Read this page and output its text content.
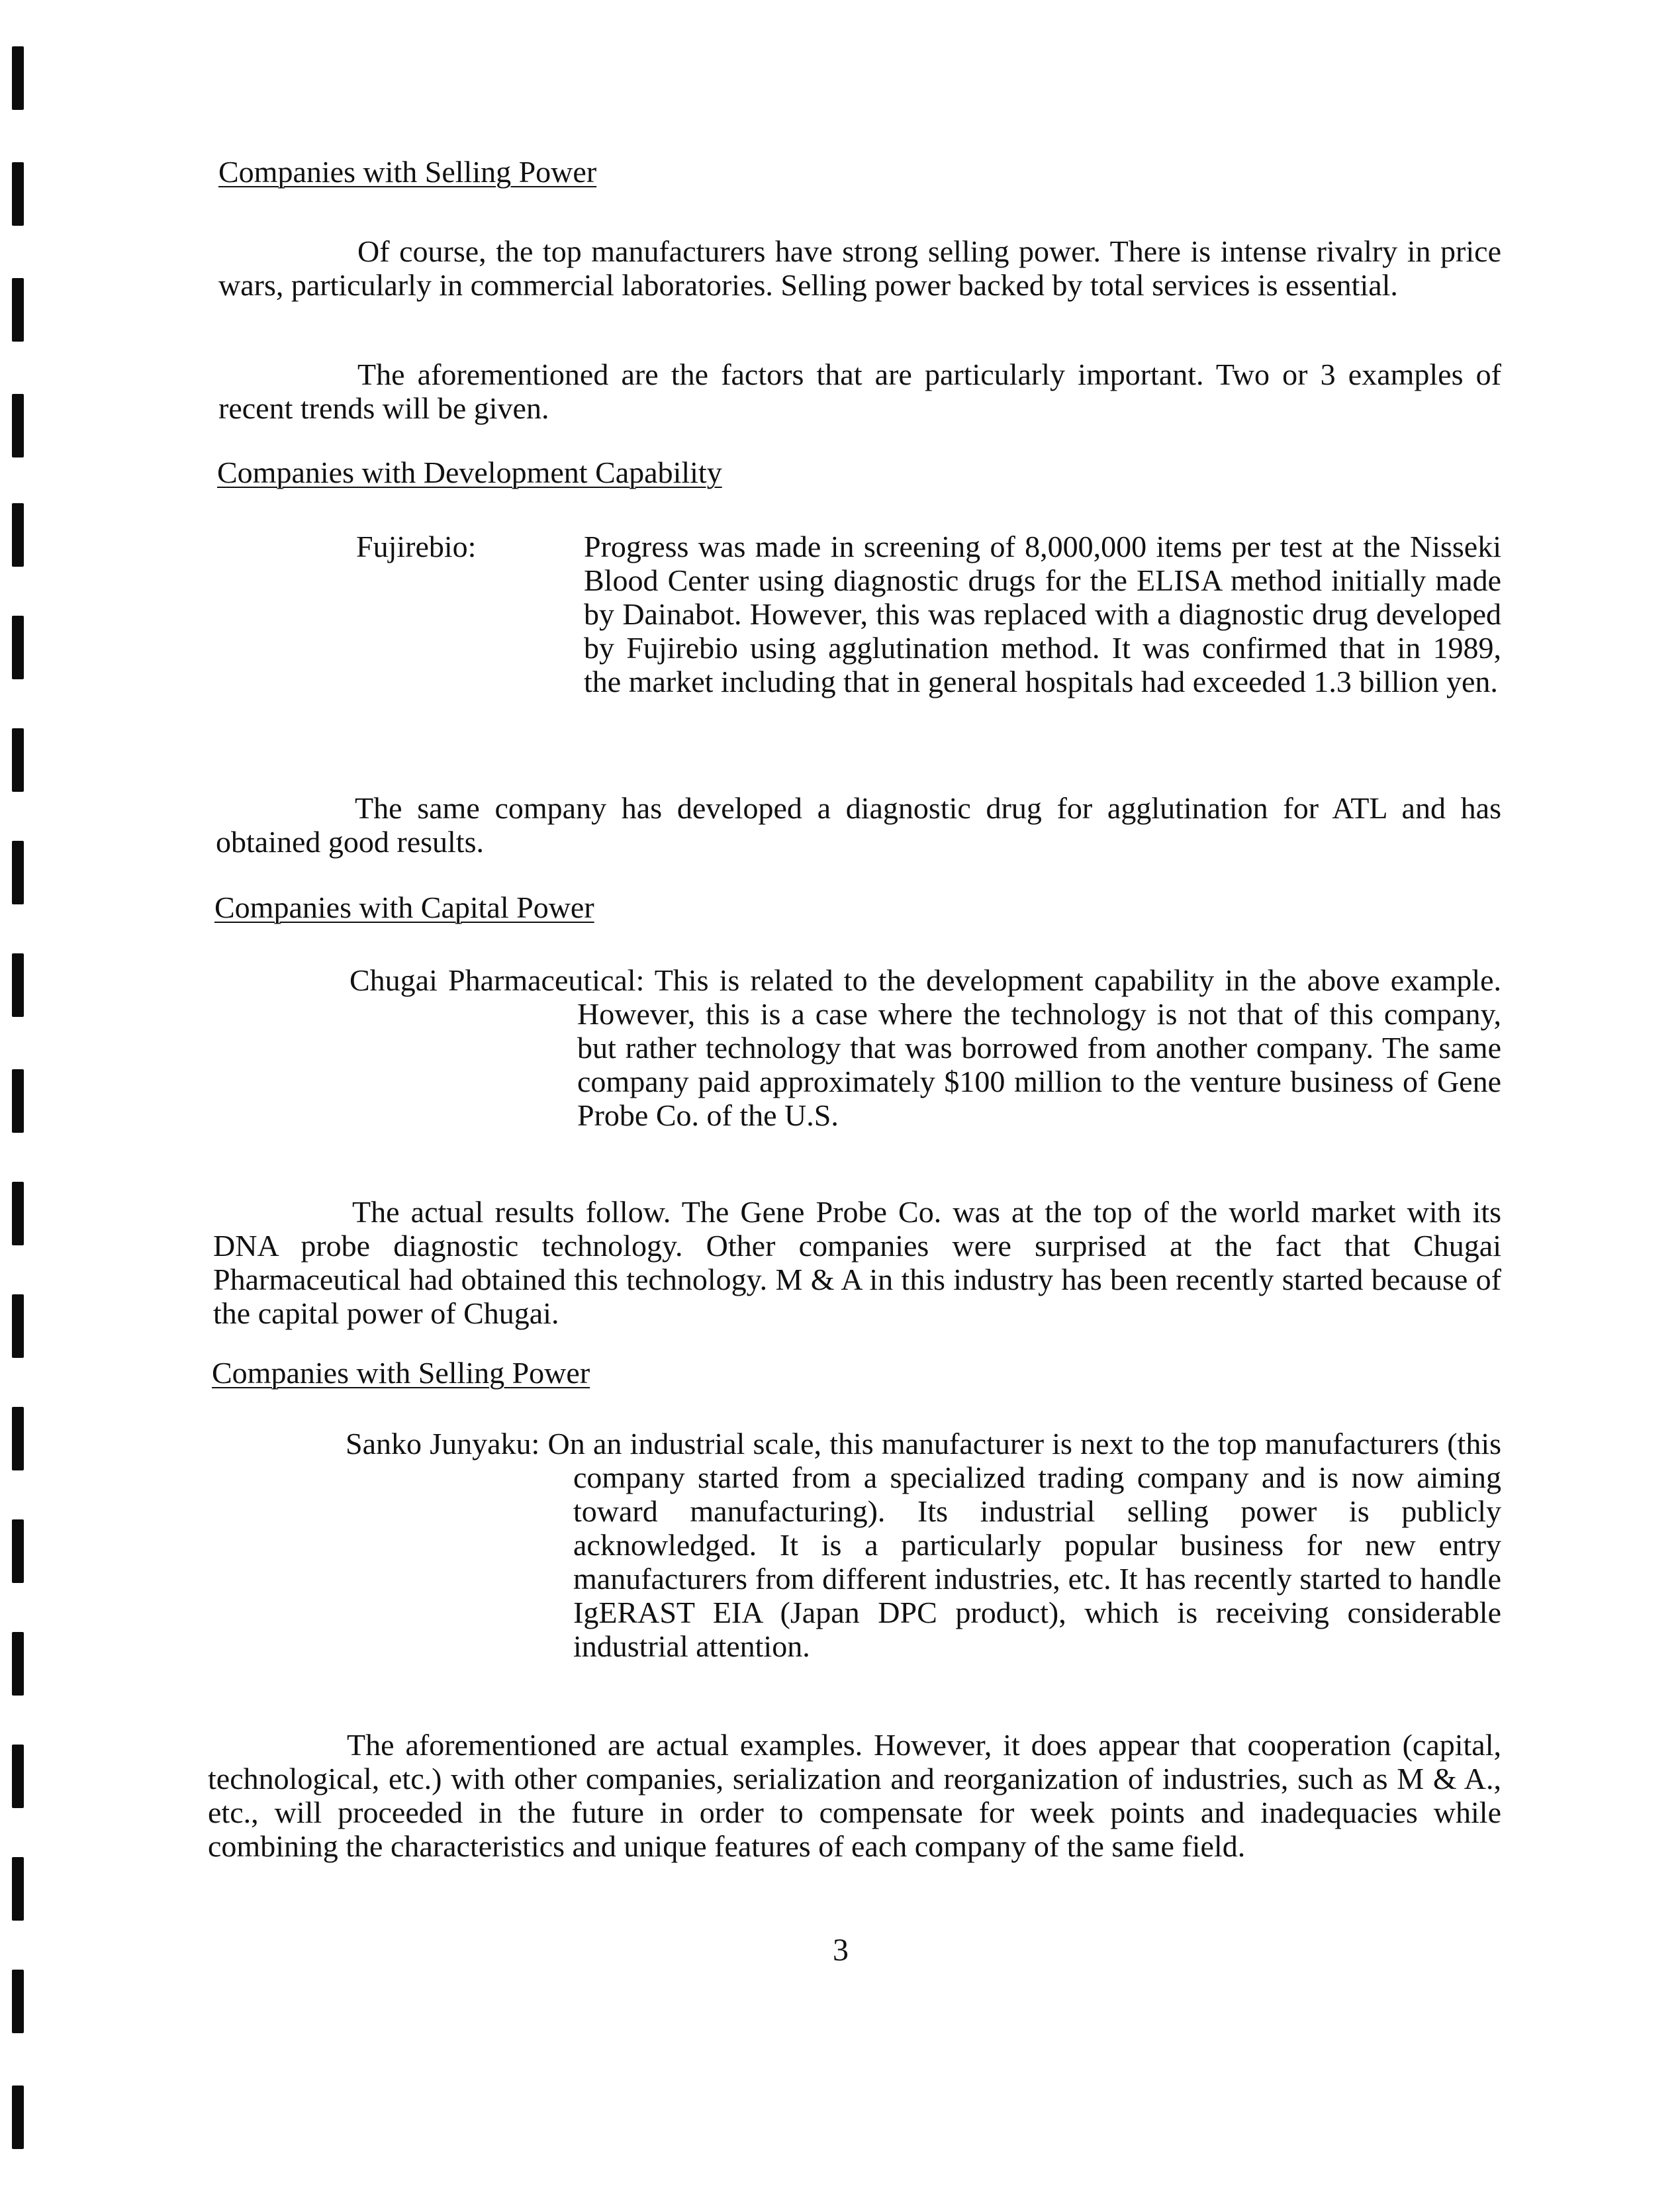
Companies with Selling Power

Of course, the top manufacturers have strong selling power. There is intense rivalry in price wars, particularly in commercial laboratories. Selling power backed by total services is essential.

The aforementioned are the factors that are particularly important. Two or 3 examples of recent trends will be given.

Companies with Development Capability
Fujirebio:	Progress was made in screening of 8,000,000 items per test at the Nisseki Blood Center using diagnostic drugs for the ELISA method initially made by Dainabot. However, this was replaced with a diagnostic drug developed by Fujirebio using agglutination method. It was confirmed that in 1989, the market including that in general hospitals had exceeded 1.3 billion yen.

The same company has developed a diagnostic drug for agglutination for ATL and has obtained good results.

Companies with Capital Power

Chugai Pharmaceutical: This is related to the development capability in the above example. However, this is a case where the technology is not that of this company, but rather technology that was borrowed from another company. The same company paid approximately $100 million to the venture business of Gene Probe Co. of the U.S.

The actual results follow. The Gene Probe Co. was at the top of the world market with its DNA probe diagnostic technology. Other companies were surprised at the fact that Chugai Pharmaceutical had obtained this technology. M & A in this industry has been recently started because of the capital power of Chugai.

Companies with Selling Power

Sanko Junyaku: On an industrial scale, this manufacturer is next to the top manufacturers (this company started from a specialized trading company and is now aiming toward manufacturing). Its industrial selling power is publicly acknowledged. It is a particularly popular business for new entry manufacturers from different industries, etc. It has recently started to handle IgERAST EIA (Japan DPC product), which is receiving considerable industrial attention.

The aforementioned are actual examples. However, it does appear that cooperation (capital, technological, etc.) with other companies, serialization and reorganization of industries, such as M & A., etc., will proceeded in the future in order to compensate for week points and inadequacies while combining the characteristics and unique features of each company of the same field.

3
